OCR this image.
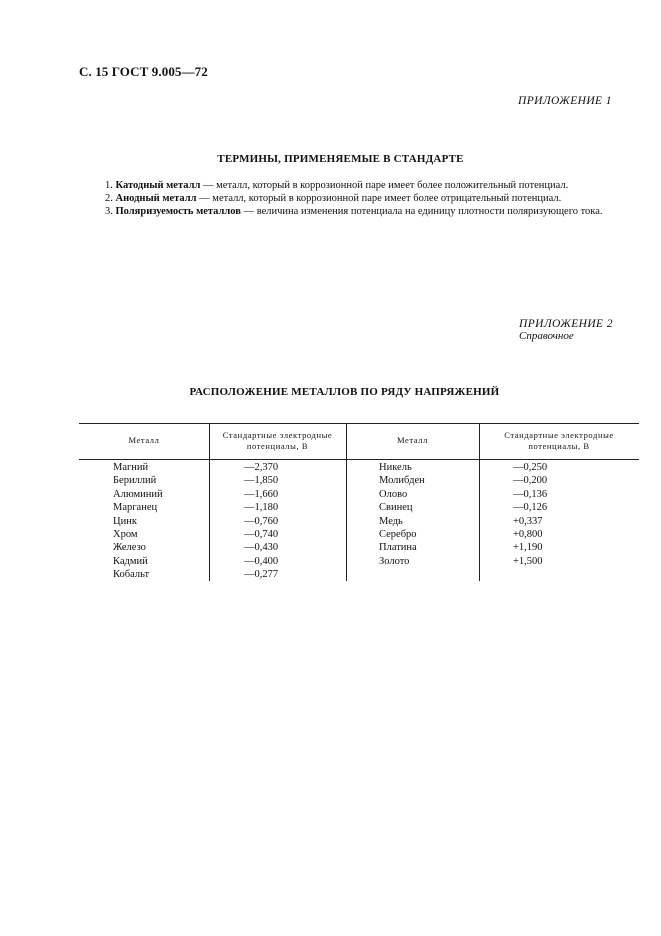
С. 15 ГОСТ 9.005—72
ПРИЛОЖЕНИЕ 1
ТЕРМИНЫ, ПРИМЕНЯЕМЫЕ В СТАНДАРТЕ
1. Катодный металл — металл, который в коррозионной паре имеет более положительный потенциал.
2. Анодный металл — металл, который в коррозионной паре имеет более отрицательный потенциал.
3. Поляризуемость металлов — величина изменения потенциала на единицу плотности поляризующего тока.
ПРИЛОЖЕНИЕ 2
Справочное
РАСПОЛОЖЕНИЕ МЕТАЛЛОВ ПО РЯДУ НАПРЯЖЕНИЙ
Металл	Стандартные электродные
потенциалы, В
Металл	Стандартные электродные
потенциалы, В
Магний
Бериллий
Алюминий
Марганец
Цинк
Хром
Железо
Кадмий
Кобальт
—2,370
—1,850
—1,660
—1,180
—0,760
—0,740
—0,430
—0,400
—0,277
Никель
Молибден
Олово
Свинец
Медь
Серебро
Платина
Золото
—0,250
—0,200
—0,136
—0,126
+0,337
+0,800
+1,190
+1,500
